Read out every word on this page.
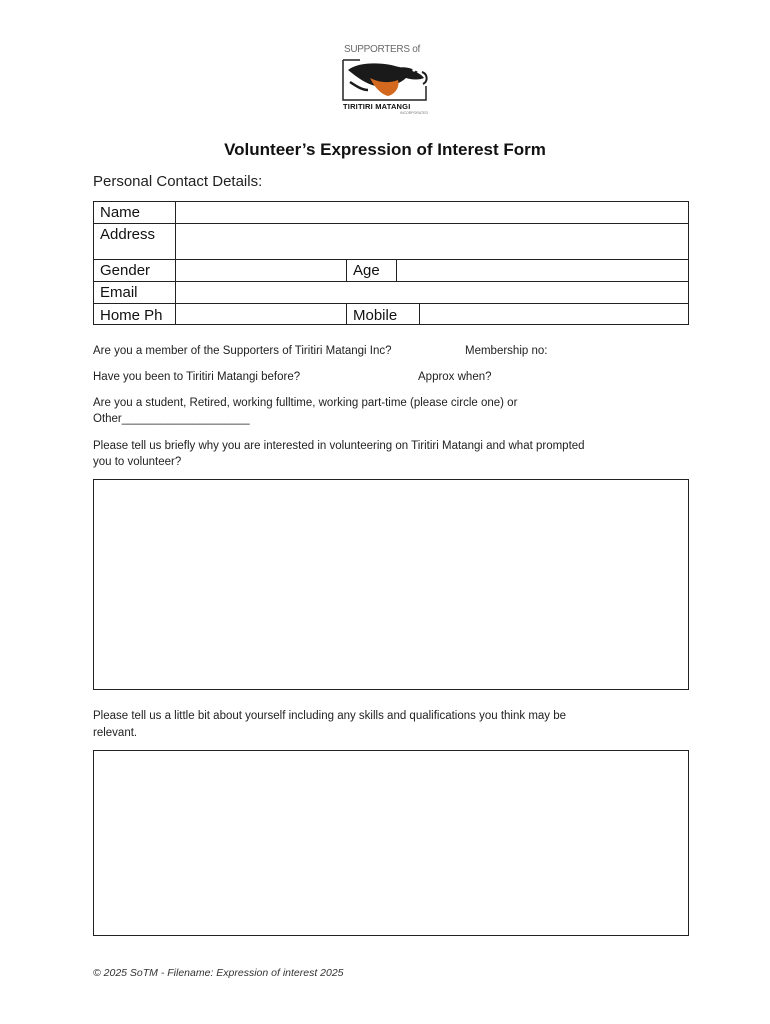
SUPPORTERS of
TIRITIRI MATANGI
INCORPORATED
Volunteer’s Expression of Interest Form
Personal Contact Details:
Name
Address
Gender	Age
Email
Home Ph	Mobile
Are you a member of the Supporters of Tiritiri Matangi Inc?	Membership no:
Have you been to Tiritiri Matangi before?	Approx when?
Are you a student, Retired, working fulltime, working part-time (please circle one) or
Other____________________
Please tell us briefly why you are interested in volunteering on Tiritiri Matangi and what prompted
you to volunteer?
Please tell us a little bit about yourself including any skills and qualifications you think may be
relevant.
© 2025 SoTM - Filename: Expression of interest 2025
